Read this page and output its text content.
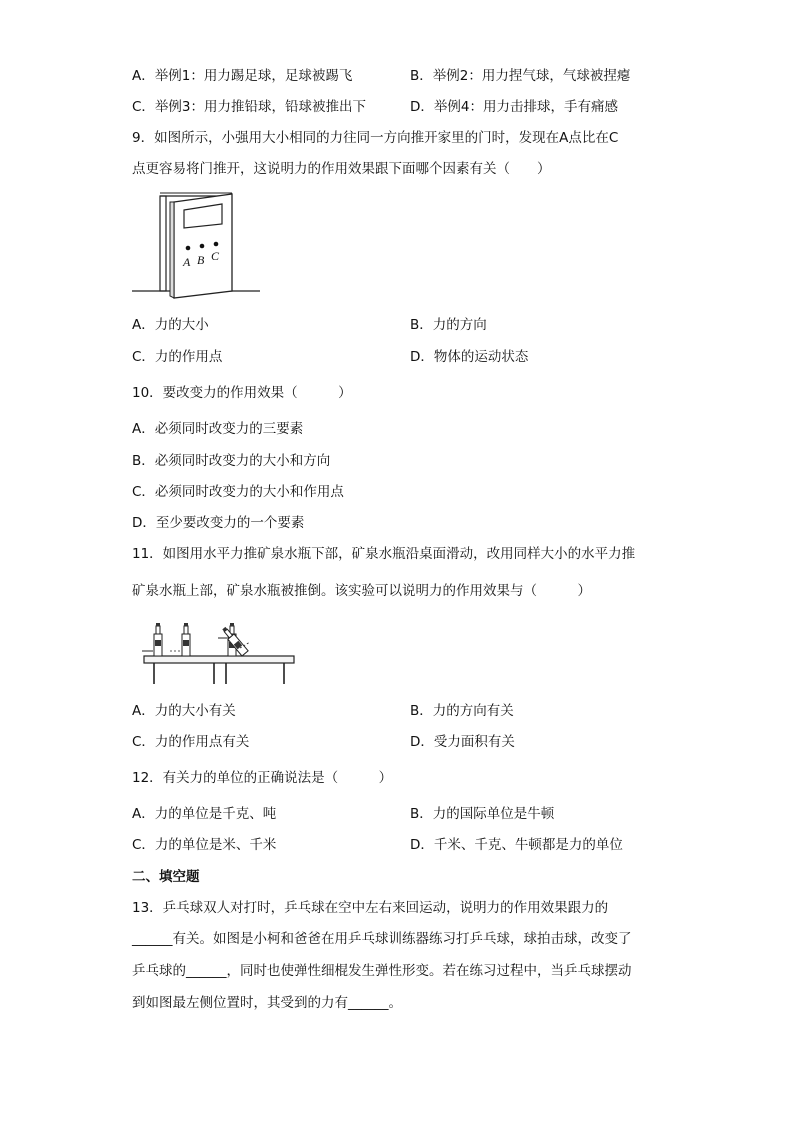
A．举例1：用力踢足球，足球被踢飞	B．举例2：用力捏气球，气球被捏瘪
C．举例3：用力推铅球，铅球被推出下	D．举例4：用力击排球，手有痛感
9．如图所示，小强用大小相同的力往同一方向推开家里的门时，发现在A点比在C
点更容易将门推开，这说明力的作用效果跟下面哪个因素有关（　　）
A B C
A．力的大小	B．力的方向
C．力的作用点	D．物体的运动状态
10．要改变力的作用效果（　　　）
A．必须同时改变力的三要素
B．必须同时改变力的大小和方向
C．必须同时改变力的大小和作用点
D．至少要改变力的一个要素
11．如图用水平力推矿泉水瓶下部，矿泉水瓶沿桌面滑动，改用同样大小的水平力推
矿泉水瓶上部，矿泉水瓶被推倒。该实验可以说明力的作用效果与（　　　）
A．力的大小有关	B．力的方向有关
C．力的作用点有关	D．受力面积有关
12．有关力的单位的正确说法是（　　　）
A．力的单位是千克、吨	B．力的国际单位是牛顿
C．力的单位是米、千米	D．千米、千克、牛顿都是力的单位
二、填空题
13．乒乓球双人对打时，乒乓球在空中左右来回运动，说明力的作用效果跟力的
______有关。如图是小柯和爸爸在用乒乓球训练器练习打乒乓球，球拍击球，改变了
乒乓球的______，同时也使弹性细棍发生弹性形变。若在练习过程中，当乒乓球摆动
到如图最左侧位置时，其受到的力有______。
